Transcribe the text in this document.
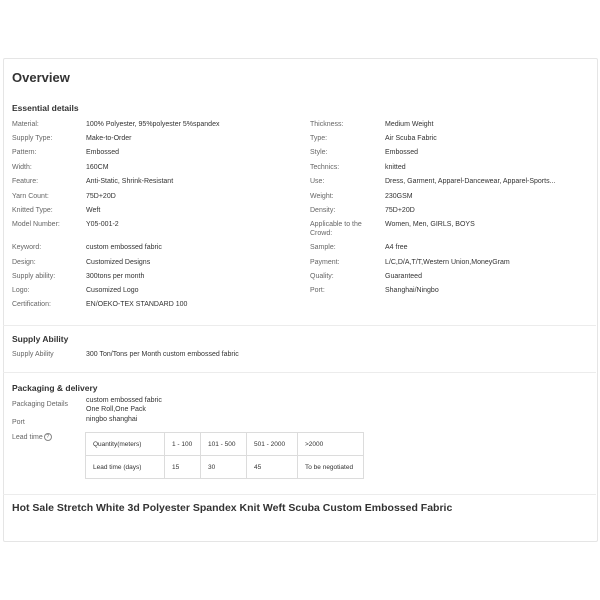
Overview
Essential details
Material:	100% Polyester, 95%polyester 5%spandex
Supply Type:	Make-to-Order
Pattern:	Embossed
Width:	160CM
Feature:	Anti-Static, Shrink-Resistant
Yarn Count:	75D+20D
Knitted Type:	Weft
Model Number:	Y05-001-2
Keyword:	custom embossed fabric
Design:	Customized Designs
Supply ability:	300tons per month
Logo:	Cusomized Logo
Certification:	EN/OEKO-TEX STANDARD 100
Thickness:	Medium Weight
Type:	Air Scuba Fabric
Style:	Embossed
Technics:	knitted
Use:	Dress, Garment, Apparel-Dancewear, Apparel-Sports...
Weight:	230GSM
Density:	75D+20D
Applicable to the Crowd:
Women, Men, GIRLS, BOYS
Sample:	A4 free
Payment:	L/C,D/A,T/T,Western Union,MoneyGram
Quality:	Guaranteed
Port:	Shanghai/Ningbo
Supply Ability
Supply Ability	300 Ton/Tons per Month custom embossed fabric
Packaging & delivery
Packaging Details
custom embossed fabric
One Roll,One Pack
Port	ningbo shanghai
Lead time ?
Quantity(meters)	1 - 100	101 - 500	501 - 2000	>2000
Lead time (days)	15	30	45	To be negotiated
Hot Sale Stretch White 3d Polyester Spandex Knit Weft Scuba Custom Embossed Fabric
